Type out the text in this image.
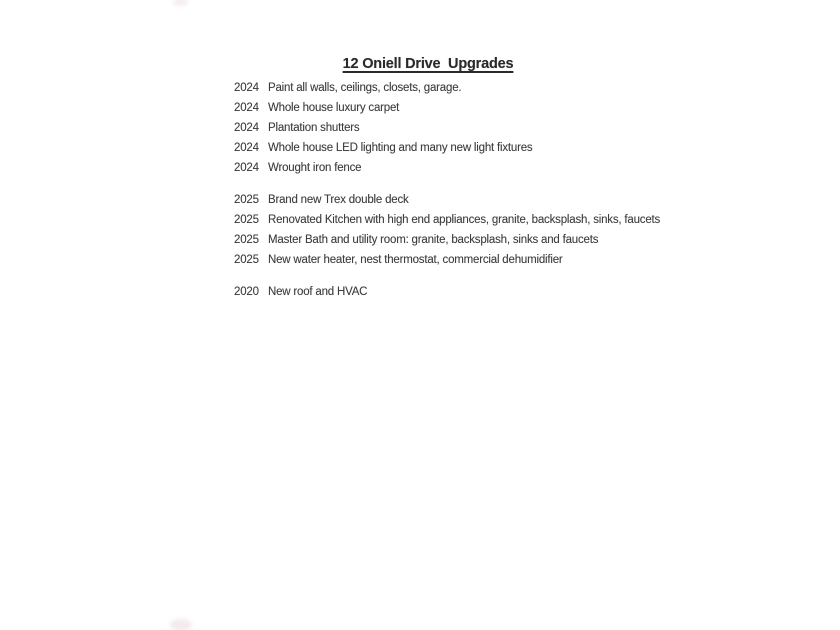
12 Oniell Drive  Upgrades
2024 Paint all walls, ceilings, closets, garage.
2024 Whole house luxury carpet
2024 Plantation shutters
2024 Whole house LED lighting and many new light fixtures
2024 Wrought iron fence
2025 Brand new Trex double deck
2025 Renovated Kitchen with high end appliances, granite, backsplash, sinks, faucets
2025 Master Bath and utility room: granite, backsplash, sinks and faucets
2025 New water heater, nest thermostat, commercial dehumidifier
2020 New roof and HVAC
